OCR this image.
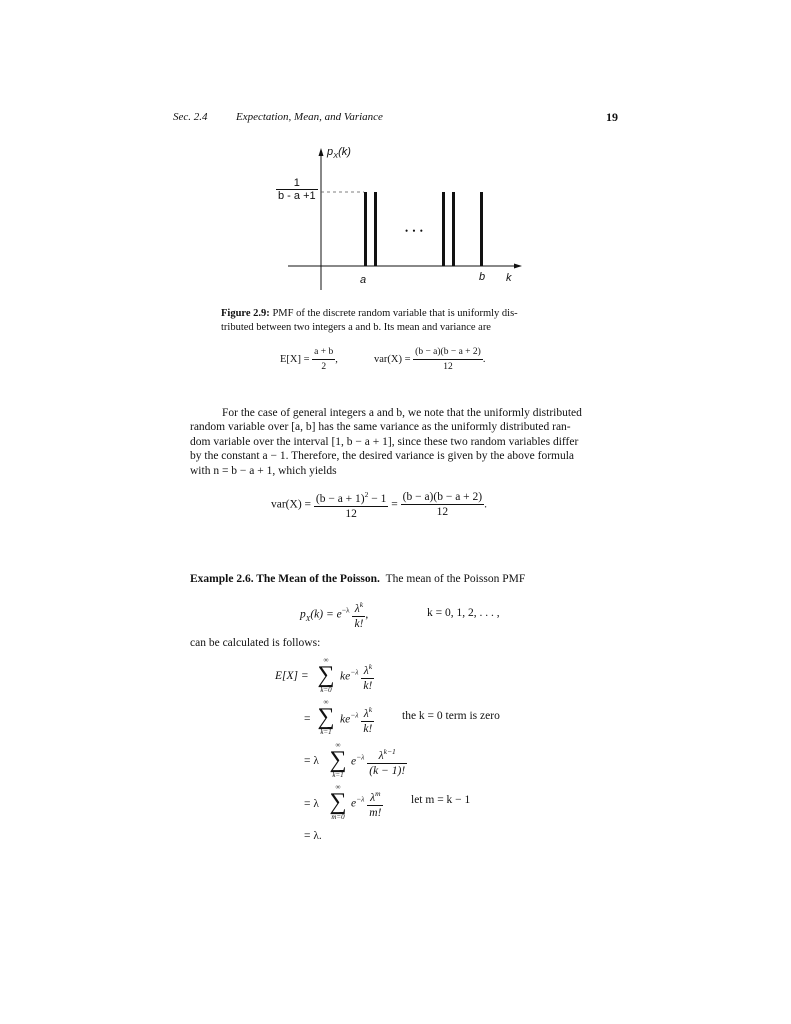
Sec. 2.4	Expectation, Mean, and Variance	19
$p_X(k)$
$\frac{1}{b - a +1}$
• • •
a	b k
Figure 2.9: PMF of the discrete random variable that is uniformly dis-
tributed between two integers a and b. Its mean and variance are
$E[X] = \frac{a + b}{2}$ ,	$var(X) = \frac{(b - a)(b - a + 2)}{12}$ .
For the case of general integers a and b, we note that the uniformly distributed
random variable over [a, b] has the same variance as the uniformly distributed ran-
dom variable over the interval [1, b − a + 1], since these two random variables differ
by the constant a − 1. Therefore, the desired variance is given by the above formula
with n = b − a + 1, which yields
$var(X) = \frac{(b - a + 1)^2 - 1}{12} = \frac{(b - a)(b - a + 2)}{12}$ .
Example 2.6. The Mean of the Poisson. The mean of the Poisson PMF
$p_X(k) = e^{-\lambda} \frac{\lambda^k}{k!}$ ,	k = 0, 1, 2, . . . ,
can be calculated is follows:
E[X] =
∞
∑
k=0
$ke^{-\lambda} \frac{\lambda^k}{k!}$
=
∞
∑
k=1
$ke^{-\lambda} \frac{\lambda^k}{k!}$ the k = 0 term is zero
= λ
∞
∑
k=1
$e^{-\lambda} \frac{\lambda^{k-1}}{(k - 1)!}$
= λ
∞
∑
m=0
$e^{-\lambda} \frac{\lambda^m}{m!}$ let m = k − 1
= λ.
